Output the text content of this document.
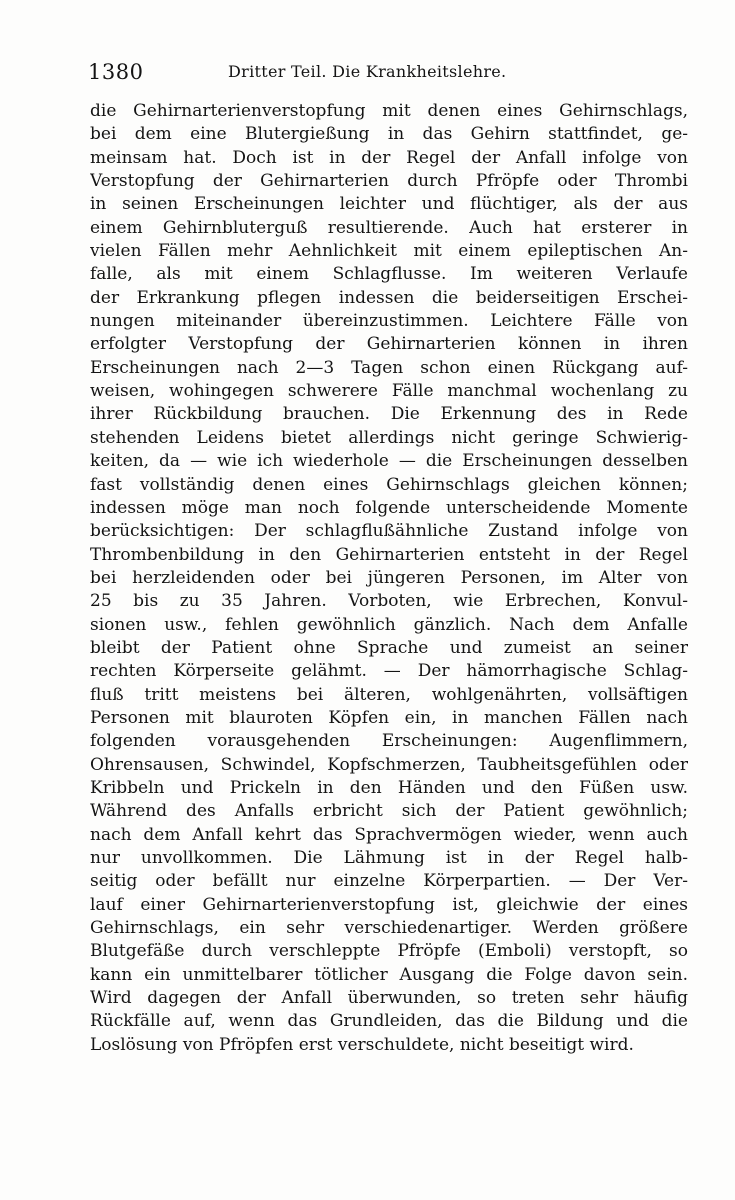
1380	Dritter Teil. Die Krankheitslehre.
die Gehirnarterienverstopfung mit denen eines Gehirnschlags,
bei dem eine Blutergießung in das Gehirn stattfindet, ge-
meinsam hat. Doch ist in der Regel der Anfall infolge von
Verstopfung der Gehirnarterien durch Pfröpfe oder Thrombi
in seinen Erscheinungen leichter und flüchtiger, als der aus
einem Gehirnbluterguß resultierende. Auch hat ersterer in
vielen Fällen mehr Aehnlichkeit mit einem epileptischen An-
falle, als mit einem Schlagflusse. Im weiteren Verlaufe
der Erkrankung pflegen indessen die beiderseitigen Erschei-
nungen miteinander übereinzustimmen. Leichtere Fälle von
erfolgter Verstopfung der Gehirnarterien können in ihren
Erscheinungen nach 2—3 Tagen schon einen Rückgang auf-
weisen, wohingegen schwerere Fälle manchmal wochenlang zu
ihrer Rückbildung brauchen. Die Erkennung des in Rede
stehenden Leidens bietet allerdings nicht geringe Schwierig-
keiten, da — wie ich wiederhole — die Erscheinungen desselben
fast vollständig denen eines Gehirnschlags gleichen können;
indessen möge man noch folgende unterscheidende Momente
berücksichtigen: Der schlagflußähnliche Zustand infolge von
Thrombenbildung in den Gehirnarterien entsteht in der Regel
bei herzleidenden oder bei jüngeren Personen, im Alter von
25 bis zu 35 Jahren. Vorboten, wie Erbrechen, Konvul-
sionen usw., fehlen gewöhnlich gänzlich. Nach dem Anfalle
bleibt der Patient ohne Sprache und zumeist an seiner
rechten Körperseite gelähmt. — Der hämorrhagische Schlag-
fluß tritt meistens bei älteren, wohlgenährten, vollsäftigen
Personen mit blauroten Köpfen ein, in manchen Fällen nach
folgenden vorausgehenden Erscheinungen: Augenflimmern,
Ohrensausen, Schwindel, Kopfschmerzen, Taubheitsgefühlen oder
Kribbeln und Prickeln in den Händen und den Füßen usw.
Während des Anfalls erbricht sich der Patient gewöhnlich;
nach dem Anfall kehrt das Sprachvermögen wieder, wenn auch
nur unvollkommen. Die Lähmung ist in der Regel halb-
seitig oder befällt nur einzelne Körperpartien. — Der Ver-
lauf einer Gehirnarterienverstopfung ist, gleichwie der eines
Gehirnschlags, ein sehr verschiedenartiger. Werden größere
Blutgefäße durch verschleppte Pfröpfe (Emboli) verstopft, so
kann ein unmittelbarer tötlicher Ausgang die Folge davon sein.
Wird dagegen der Anfall überwunden, so treten sehr häufig
Rückfälle auf, wenn das Grundleiden, das die Bildung und die
Loslösung von Pfröpfen erst verschuldete, nicht beseitigt wird.
